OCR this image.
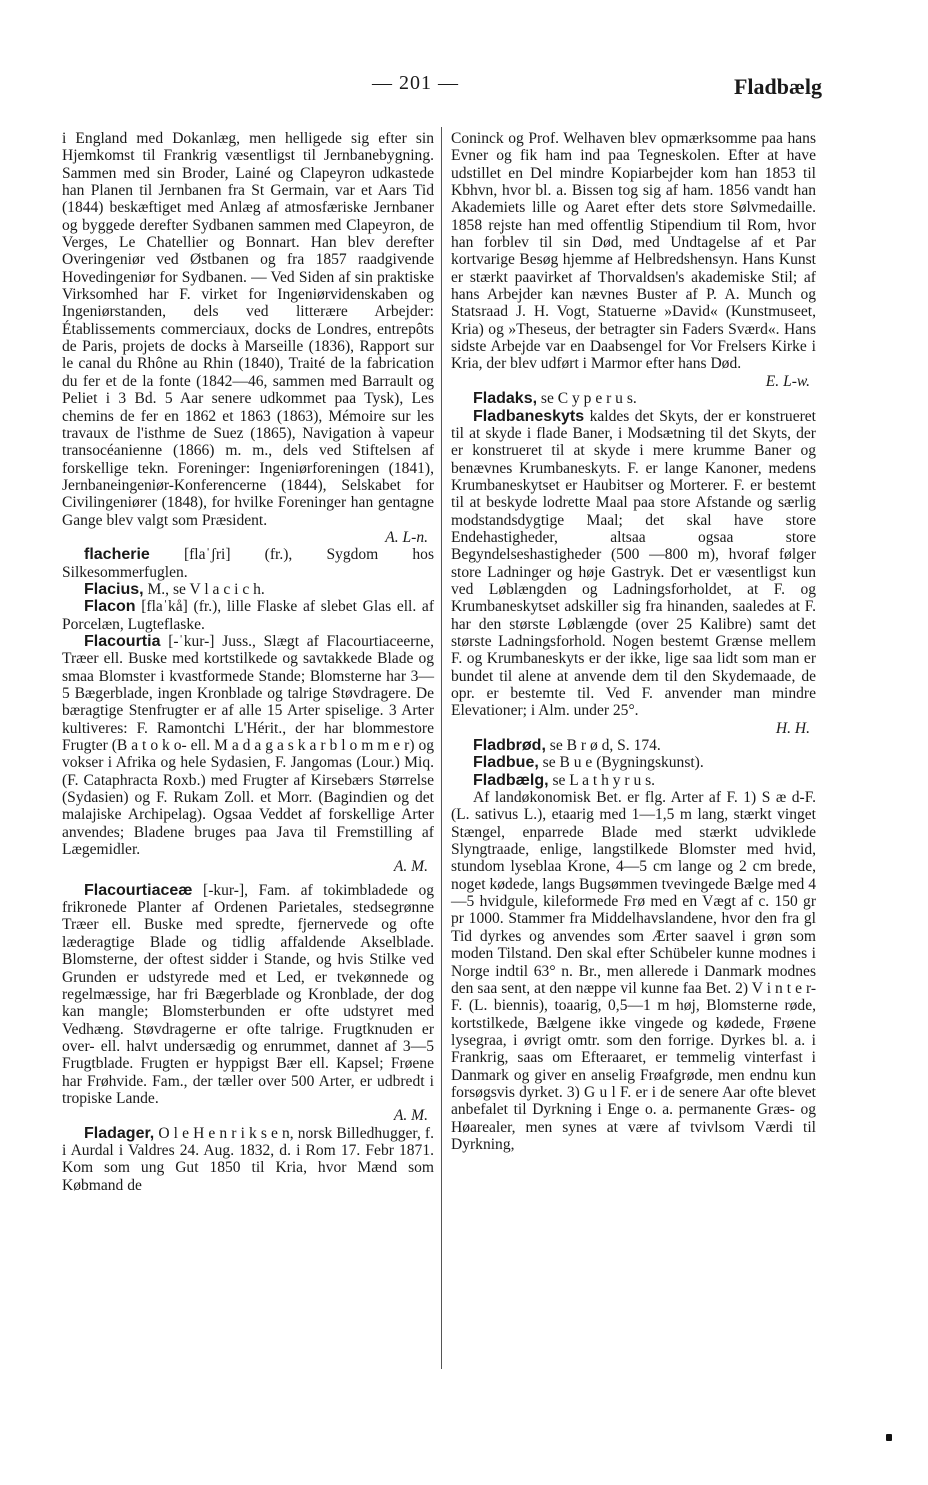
— 201 —	Fladbælg

i England med Dokanlæg, men helligede sig efter sin Hjemkomst til Frankrig væsentligst til Jernbanebygning. Sammen med sin Broder, Lainé og Clapeyron udkastede han Planen til Jernbanen fra St Germain, var et Aars Tid (1844) beskæftiget med Anlæg af atmosfæriske Jernbaner og byggede derefter Sydbanen sammen med Clapeyron, de Verges, Le Chatellier og Bonnart. Han blev derefter Overingeniør ved Østbanen og fra 1857 raadgivende Hovedingeniør for Sydbanen. — Ved Siden af sin praktiske Virksomhed har F. virket for Ingeniørvidenskaben og Ingeniørstanden, dels ved litterære Arbejder: Établissements commerciaux, docks de Londres, entrepôts de Paris, projets de docks à Marseille (1836), Rapport sur le canal du Rhône au Rhin (1840), Traité de la fabrication du fer et de la fonte (1842—46, sammen med Barrault og Peliet i 3 Bd. 5 Aar senere udkommet paa Tysk), Les chemins de fer en 1862 et 1863 (1863), Mémoire sur les travaux de l'isthme de Suez (1865), Navigation à vapeur transocéanienne (1866) m. m., dels ved Stiftelsen af forskellige tekn. Foreninger: Ingeniørforeningen (1841), Jernbaneingeniør-Konferencerne (1844), Selskabet for Civilingeniører (1848), for hvilke Foreninger han gentagne Gange blev valgt som Præsident.
A. L-n.

flacherie [flaˈʃri] (fr.), Sygdom hos Silkesommerfuglen.

Flacius, M., se V l a c i c h.

Flacon [flaˈkå] (fr.), lille Flaske af slebet Glas ell. af Porcelæn, Lugteflaske.

Flacourtia [-ˈkur-] Juss., Slægt af Flacourtiaceerne, Træer ell. Buske med kortstilkede og savtakkede Blade og smaa Blomster i kvastformede Stande; Blomsterne har 3—5 Bægerblade, ingen Kronblade og talrige Støvdragere. De bæragtige Stenfrugter er af alle 15 Arter spiselige. 3 Arter kultiveres: F. Ramontchi L'Hérit., der har blommestore Frugter (B a t o k o- ell. M a d a g a s k a r b l o m m e r) og vokser i Afrika og hele Sydasien, F. Jangomas (Lour.) Miq. (F. Cataphracta Roxb.) med Frugter af Kirsebærs Størrelse (Sydasien) og F. Rukam Zoll. et Morr. (Bagindien og det malajiske Archipelag). Ogsaa Veddet af forskellige Arter anvendes; Bladene bruges paa Java til Fremstilling af Lægemidler.
A. M.

Flacourtiaceæ [-kur-], Fam. af tokimbladede og frikronede Planter af Ordenen Parietales, stedsegrønne Træer ell. Buske med spredte, fjernervede og ofte læderagtige Blade og tidlig affaldende Akselblade. Blomsterne, der oftest sidder i Stande, og hvis Stilke ved Grunden er udstyrede med et Led, er tvekønnede og regelmæssige, har fri Bægerblade og Kronblade, der dog kan mangle; Blomsterbunden er ofte udstyret med Vedhæng. Støvdragerne er ofte talrige. Frugtknuden er over- ell. halvt undersædig og enrummet, dannet af 3—5 Frugtblade. Frugten er hyppigst Bær ell. Kapsel; Frøene har Frøhvide. Fam., der tæller over 500 Arter, er udbredt i tropiske Lande.
A. M.

Fladager, O l e H e n r i k s e n, norsk Billedhugger, f. i Aurdal i Valdres 24. Aug. 1832, d. i Rom 17. Febr 1871. Kom som ung Gut 1850 til Kria, hvor Mænd som Købmand de

Coninck og Prof. Welhaven blev opmærksomme paa hans Evner og fik ham ind paa Tegneskolen. Efter at have udstillet en Del mindre Kopiarbejder kom han 1853 til Kbhvn, hvor bl. a. Bissen tog sig af ham. 1856 vandt han Akademiets lille og Aaret efter dets store Sølvmedaille. 1858 rejste han med offentlig Stipendium til Rom, hvor han forblev til sin Død, med Undtagelse af et Par kortvarige Besøg hjemme af Helbredshensyn. Hans Kunst er stærkt paavirket af Thorvaldsen's akademiske Stil; af hans Arbejder kan nævnes Buster af P. A. Munch og Statsraad J. H. Vogt, Statuerne »David« (Kunstmuseet, Kria) og »Theseus, der betragter sin Faders Sværd«. Hans sidste Arbejde var en Daabsengel for Vor Frelsers Kirke i Kria, der blev udført i Marmor efter hans Død.
E. L-w.

Fladaks, se C y p e r u s.

Fladbaneskyts kaldes det Skyts, der er konstrueret til at skyde i flade Baner, i Modsætning til det Skyts, der er konstrueret til at skyde i mere krumme Baner og benævnes Krumbaneskyts. F. er lange Kanoner, medens Krumbaneskytset er Haubitser og Morterer. F. er bestemt til at beskyde lodrette Maal paa store Afstande og særlig modstandsdygtige Maal; det skal have store Endehastigheder, altsaa ogsaa store Begyndelseshastigheder (500 —800 m), hvoraf følger store Ladninger og høje Gastryk. Det er væsentligst kun ved Løblængden og Ladningsforholdet, at F. og Krumbaneskytset adskiller sig fra hinanden, saaledes at F. har den største Løblængde (over 25 Kalibre) samt det største Ladningsforhold. Nogen bestemt Grænse mellem F. og Krumbaneskyts er der ikke, lige saa lidt som man er bundet til alene at anvende dem til den Skydemaade, de opr. er bestemte til. Ved F. anvender man mindre Elevationer; i Alm. under 25°.
H. H.

Fladbrød, se B r ø d, S. 174.

Fladbue, se B u e (Bygningskunst).

Fladbælg, se L a t h y r u s.

Af landøkonomisk Bet. er flg. Arter af F. 1) S æ d-F. (L. sativus L.), etaarig med 1—1,5 m lang, stærkt vinget Stængel, enparrede Blade med stærkt udviklede Slyngtraade, enlige, langstilkede Blomster med hvid, stundom lyseblaa Krone, 4—5 cm lange og 2 cm brede, noget kødede, langs Bugsømmen tvevingede Bælge med 4—5 hvidgule, kileformede Frø med en Vægt af c. 150 gr pr 1000. Stammer fra Middelhavslandene, hvor den fra gl Tid dyrkes og anvendes som Ærter saavel i grøn som moden Tilstand. Den skal efter Schübeler kunne modnes i Norge indtil 63° n. Br., men allerede i Danmark modnes den saa sent, at den næppe vil kunne faa Bet. 2) V i n t e r-F. (L. biennis), toaarig, 0,5—1 m høj, Blomsterne røde, kortstilkede, Bælgene ikke vingede og kødede, Frøene lysegraa, i øvrigt omtr. som den forrige. Dyrkes bl. a. i Frankrig, saas om Efteraaret, er temmelig vinterfast i Danmark og giver en anselig Frøafgrøde, men endnu kun forsøgsvis dyrket. 3) G u l F. er i de senere Aar ofte blevet anbefalet til Dyrkning i Enge o. a. permanente Græs- og Høarealer, men synes at være af tvivlsom Værdi til Dyrkning,
